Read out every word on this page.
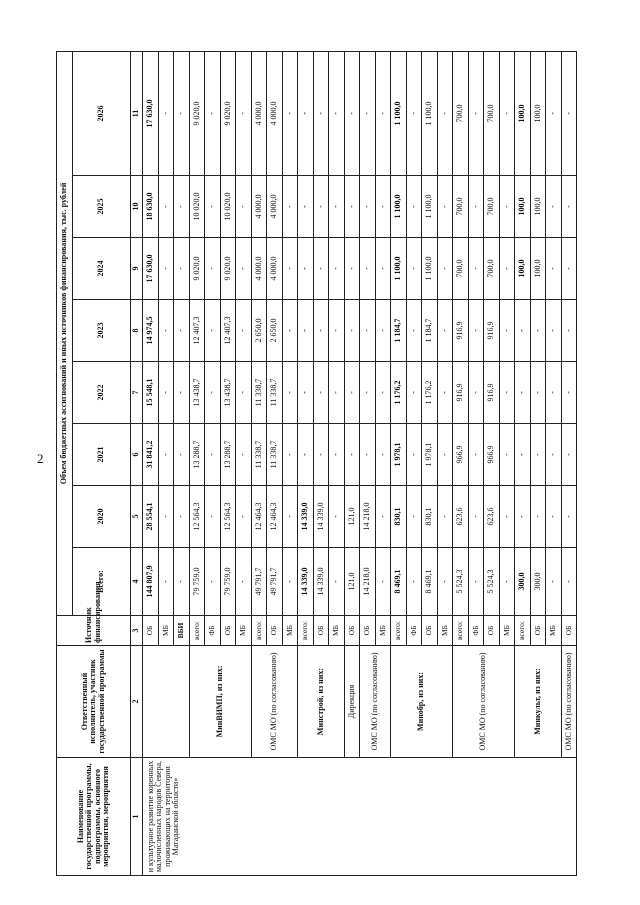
2
Наименование государственной программы, подпрограммы, основного мероприятия, мероприятия	Ответственный исполнитель, участник государственной программы	Источник финансирования	Объем бюджетных ассигнований и иных источников финансирования, тыс. рублей							
			Всего:	2020	2021	2022	2023	2024	2025	2026
1	2	3	4	5	6	7	8	9	10	11
и культурное развитие коренных малочисленных народов Севера, проживающих на территории Магаданской области»		ОБ	144 807,9	28 554,1	31 841,2	15 548,1	14 974,5	17 630,0	18 630,0	17 630,0
		МБ	-	-	-	-	-	-	-	-
		ВБИ	-	-	-	-	-	-	-	-
	МинВИМП, из них:	всего:	79 759,0	12 564,3	13 288,7	13 438,7	12 407,3	9 020,0	10 020,0	9 020,0
		ФБ	-	-	-	-	-	-	-	-
		ОБ	79 759,0	12 564,3	13 288,7	13 438,7	12 407,3	9 020,0	10 020,0	9 020,0
		МБ	-	-	-	-	-	-	-	-
	ОМС МО (по согласованию)	всего:	49 791,7	12 464,3	11 338,7	11 338,7	2 650,0	4 000,0	4 000,0	4 000,0
		ОБ	49 791,7	12 464,3	11 338,7	11 338,7	2 650,0	4 000,0	4 000,0	4 000,0
		МБ	-	-	-	-	-	-	-	-
	Минстрой, из них:	всего:	14 339,0	14 339,0	-	-	-	-	-	-
		ОБ	14 339,0	14 339,0	-	-	-	-	-	-
		МБ	-	-	-	-	-	-	-	-
	Дирекция	ОБ	121,0	121,0	-	-	-	-	-	-
	ОМС МО (по согласованию)	ОБ	14 218,0	14 218,0	-	-	-	-	-	-
		МБ	-	-	-	-	-	-	-	-
	Минобр, из них:	всего:	8 469,1	830,1	1 978,1	1 176,2	1 184,7	1 100,0	1 100,0	1 100,0
		ФБ	-	-	-	-	-	-	-	-
		ОБ	8 469,1	830,1	1 978,1	1 176,2	1 184,7	1 100,0	1 100,0	1 100,0
		МБ	-	-	-	-	-	-	-	-
	ОМС МО (по согласованию)	всего:	5 524,3	623,6	966,9	916,9	916,9	700,0	700,0	700,0
		ФБ	-	-	-	-	-	-	-	-
		ОБ	5 524,3	623,6	966,9	916,9	916,9	700,0	700,0	700,0
		МБ	-	-	-	-	-	-	-	-
	Минкульт, из них:	всего:	300,0	-	-	-	-	100,0	100,0	100,0
		ОБ	300,0	-	-	-	-	100,0	100,0	100,0
		МБ	-	-	-	-	-	-	-	-
	ОМС МО (по согласованию)	ОБ	-	-	-	-	-	-	-	-
